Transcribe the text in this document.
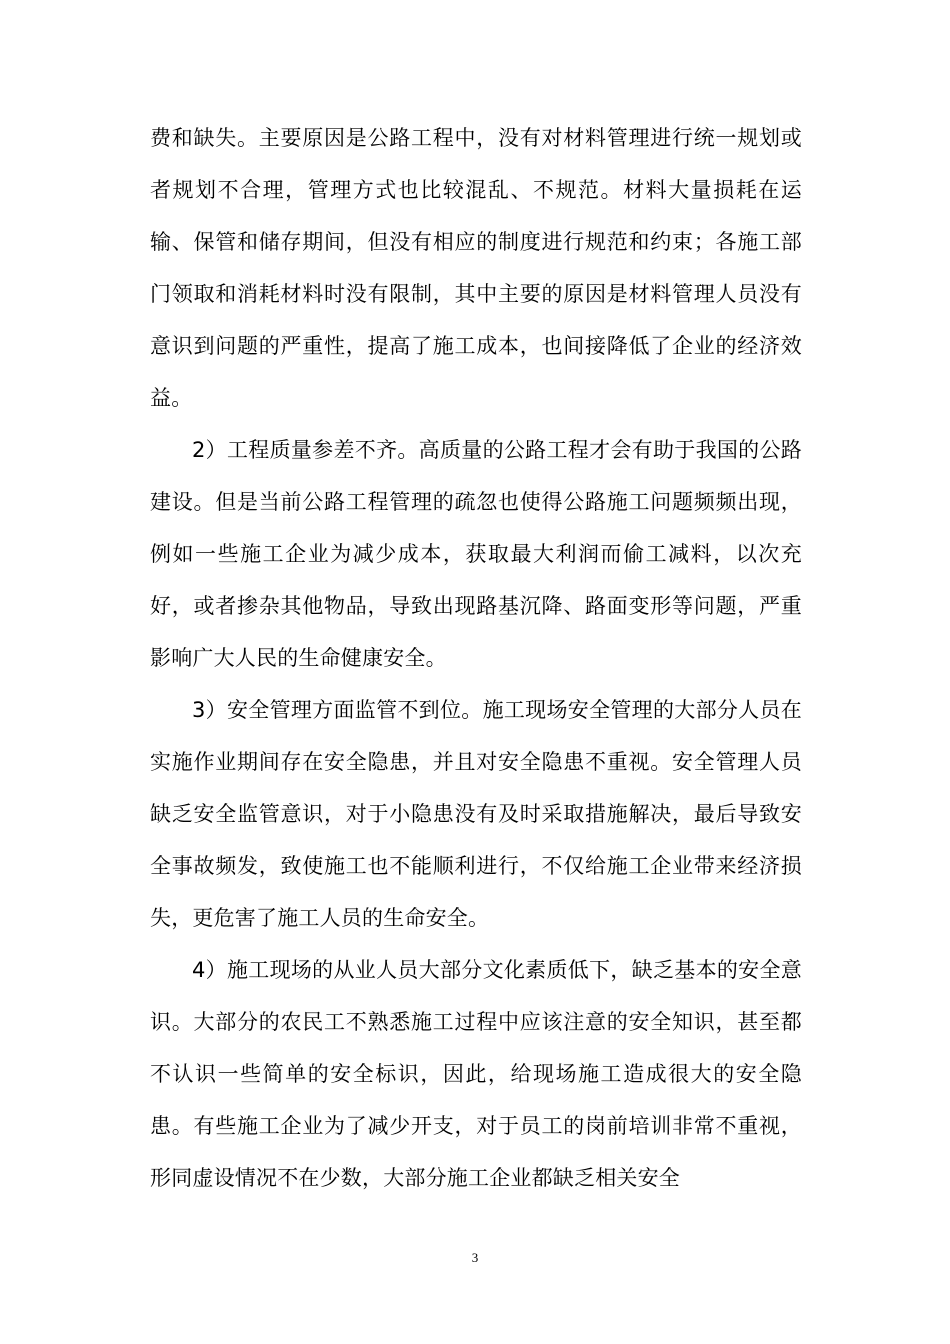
费和缺失。主要原因是公路工程中，没有对材料管理进行统一规划或者规划不合理，管理方式也比较混乱、不规范。材料大量损耗在运输、保管和储存期间，但没有相应的制度进行规范和约束；各施工部门领取和消耗材料时没有限制，其中主要的原因是材料管理人员没有意识到问题的严重性，提高了施工成本，也间接降低了企业的经济效益。

2）工程质量参差不齐。高质量的公路工程才会有助于我国的公路建设。但是当前公路工程管理的疏忽也使得公路施工问题频频出现，例如一些施工企业为减少成本，获取最大利润而偷工减料，以次充好，或者掺杂其他物品，导致出现路基沉降、路面变形等问题，严重影响广大人民的生命健康安全。

3）安全管理方面监管不到位。施工现场安全管理的大部分人员在实施作业期间存在安全隐患，并且对安全隐患不重视。安全管理人员缺乏安全监管意识，对于小隐患没有及时采取措施解决，最后导致安全事故频发，致使施工也不能顺利进行，不仅给施工企业带来经济损失，更危害了施工人员的生命安全。

4）施工现场的从业人员大部分文化素质低下，缺乏基本的安全意识。大部分的农民工不熟悉施工过程中应该注意的安全知识，甚至都不认识一些简单的安全标识，因此，给现场施工造成很大的安全隐患。有些施工企业为了减少开支，对于员工的岗前培训非常不重视，形同虚设情况不在少数，大部分施工企业都缺乏相关安全

3
